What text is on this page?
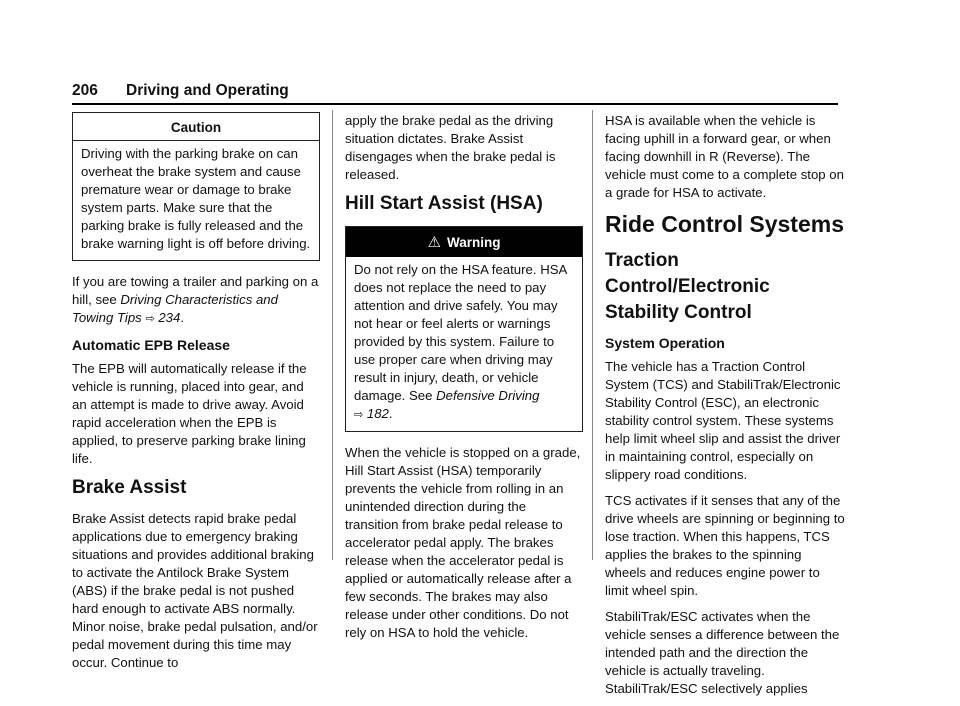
206 Driving and Operating
Caution
Driving with the parking brake on can overheat the brake system and cause premature wear or damage to brake system parts. Make sure that the parking brake is fully released and the brake warning light is off before driving.

If you are towing a trailer and parking on a hill, see Driving Characteristics and Towing Tips ⇨ 234.

Automatic EPB Release

The EPB will automatically release if the vehicle is running, placed into gear, and an attempt is made to drive away. Avoid rapid acceleration when the EPB is applied, to preserve parking brake lining life.

Brake Assist

Brake Assist detects rapid brake pedal applications due to emergency braking situations and provides additional braking to activate the Antilock Brake System (ABS) if the brake pedal is not pushed hard enough to activate ABS normally. Minor noise, brake pedal pulsation, and/or pedal movement during this time may occur. Continue to

apply the brake pedal as the driving situation dictates. Brake Assist disengages when the brake pedal is released.

Hill Start Assist (HSA)
⚠ Warning
Do not rely on the HSA feature. HSA does not replace the need to pay attention and drive safely. You may not hear or feel alerts or warnings provided by this system. Failure to use proper care when driving may result in injury, death, or vehicle damage. See Defensive Driving
⇨ 182.

When the vehicle is stopped on a grade, Hill Start Assist (HSA) temporarily prevents the vehicle from rolling in an unintended direction during the transition from brake pedal release to accelerator pedal apply. The brakes release when the accelerator pedal is applied or automatically release after a few seconds. The brakes may also release under other conditions. Do not rely on HSA to hold the vehicle.

HSA is available when the vehicle is facing uphill in a forward gear, or when facing downhill in R (Reverse). The vehicle must come to a complete stop on a grade for HSA to activate.

Ride Control Systems
Traction Control/Electronic
Stability Control
System Operation

The vehicle has a Traction Control System (TCS) and StabiliTrak/Electronic Stability Control (ESC), an electronic stability control system. These systems help limit wheel slip and assist the driver in maintaining control, especially on slippery road conditions.

TCS activates if it senses that any of the drive wheels are spinning or beginning to lose traction. When this happens, TCS applies the brakes to the spinning wheels and reduces engine power to limit wheel spin.

StabiliTrak/ESC activates when the vehicle senses a difference between the intended path and the direction the vehicle is actually traveling. StabiliTrak/ESC selectively applies
